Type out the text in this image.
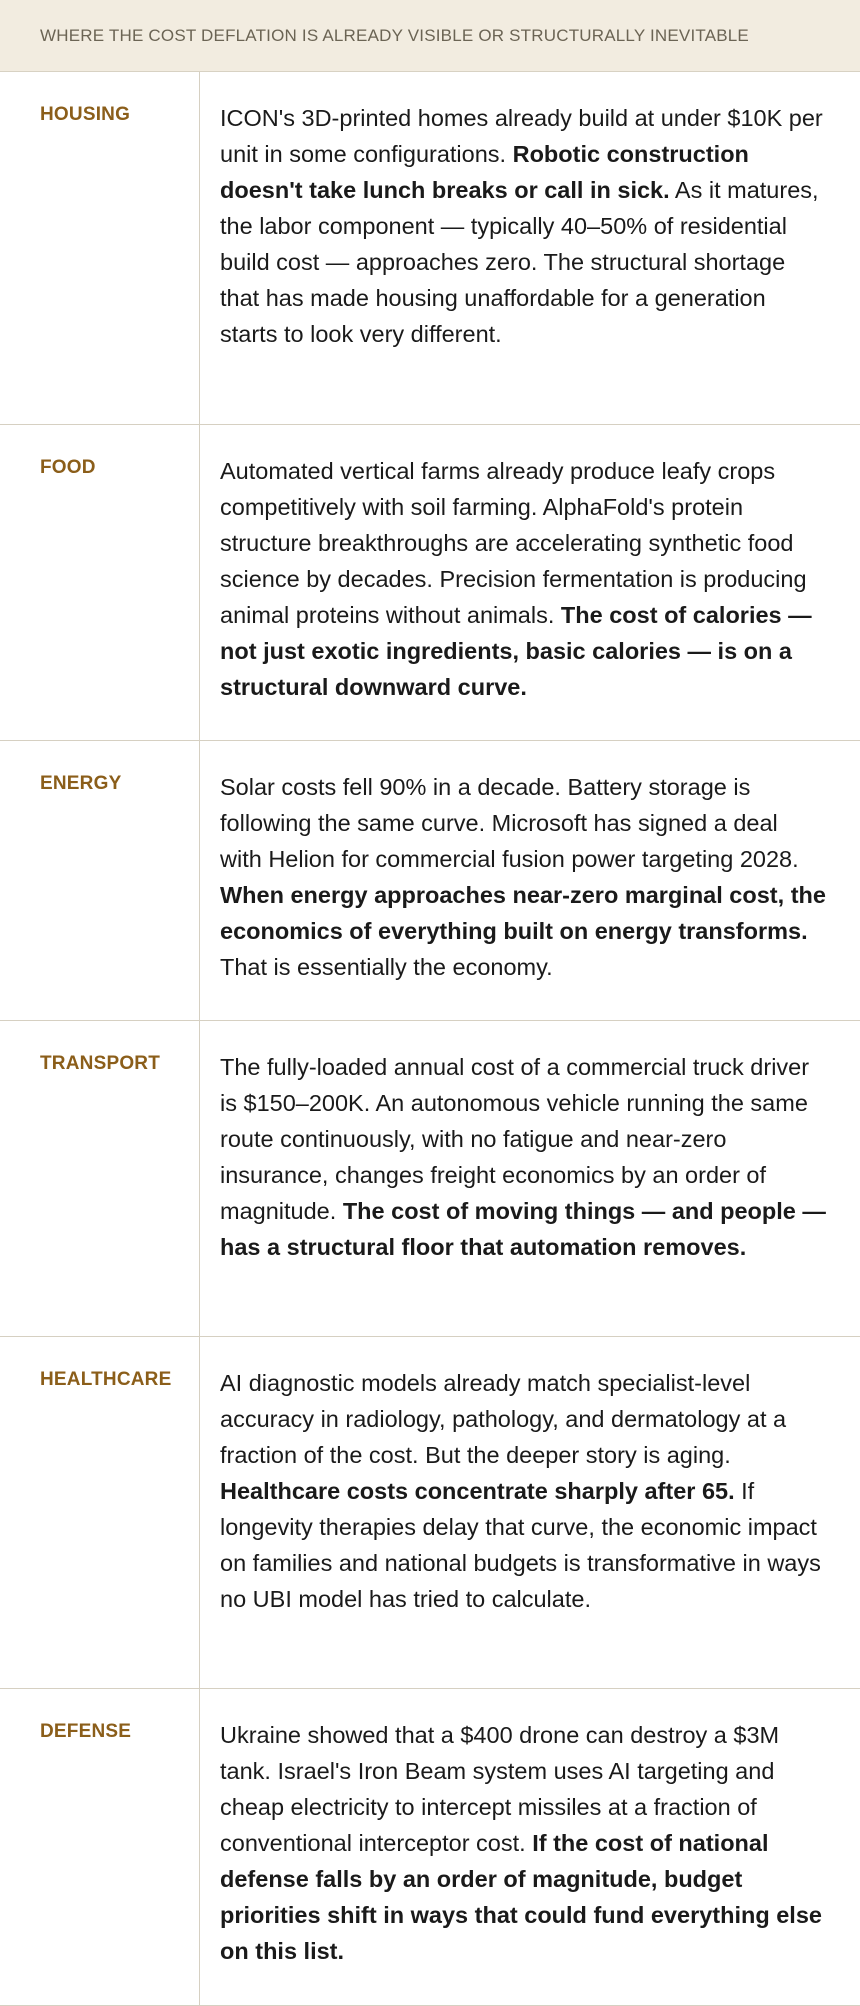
WHERE THE COST DEFLATION IS ALREADY VISIBLE OR STRUCTURALLY INEVITABLE
HOUSING	ICON's 3D-printed homes already build at under $10K per unit in some configurations. Robotic construction doesn't take lunch breaks or call in sick. As it matures, the labor component — typically 40–50% of residential build cost — approaches zero. The structural shortage that has made housing unaffordable for a generation starts to look very different.

FOOD	Automated vertical farms already produce leafy crops competitively with soil farming. AlphaFold's protein structure breakthroughs are accelerating synthetic food science by decades. Precision fermentation is producing animal proteins without animals. The cost of calories — not just exotic ingredients, basic calories — is on a structural downward curve.

ENERGY	Solar costs fell 90% in a decade. Battery storage is following the same curve. Microsoft has signed a deal with Helion for commercial fusion power targeting 2028. When energy approaches near-zero marginal cost, the economics of everything built on energy transforms. That is essentially the economy.

TRANSPORT	The fully-loaded annual cost of a commercial truck driver is $150–200K. An autonomous vehicle running the same route continuously, with no fatigue and near-zero insurance, changes freight economics by an order of magnitude. The cost of moving things — and people — has a structural floor that automation removes.

HEALTHCARE	AI diagnostic models already match specialist-level accuracy in radiology, pathology, and dermatology at a fraction of the cost. But the deeper story is aging. Healthcare costs concentrate sharply after 65. If longevity therapies delay that curve, the economic impact on families and national budgets is transformative in ways no UBI model has tried to calculate.

DEFENSE	Ukraine showed that a $400 drone can destroy a $3M tank. Israel's Iron Beam system uses AI targeting and cheap electricity to intercept missiles at a fraction of conventional interceptor cost. If the cost of national defense falls by an order of magnitude, budget priorities shift in ways that could fund everything else on this list.
